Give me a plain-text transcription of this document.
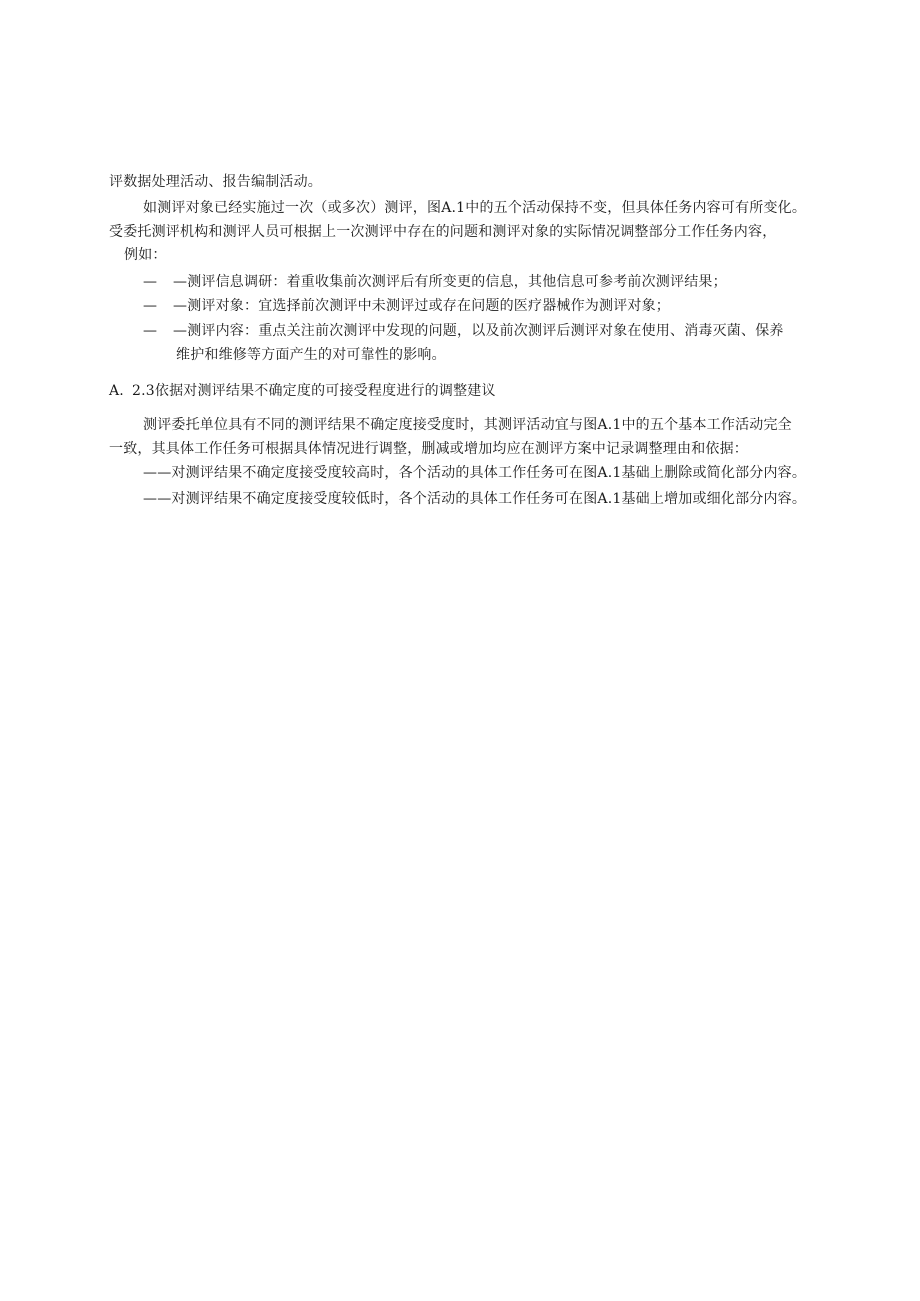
评数据处理活动、报告编制活动。
如测评对象已经实施过一次（或多次）测评，图A.1中的五个活动保持不变，但具体任务内容可有所变化。
受委托测评机构和测评人员可根据上一次测评中存在的问题和测评对象的实际情况调整部分工作任务内容，
例如：
— —测评信息调研：着重收集前次测评后有所变更的信息，其他信息可参考前次测评结果；
— —测评对象：宜选择前次测评中未测评过或存在问题的医疗器械作为测评对象；
— —测评内容：重点关注前次测评中发现的问题，以及前次测评后测评对象在使用、消毒灭菌、保养
维护和维修等方面产生的对可靠性的影响。
A. 2.3依据对测评结果不确定度的可接受程度进行的调整建议
测评委托单位具有不同的测评结果不确定度接受度时，其测评活动宜与图A.1中的五个基本工作活动完全
一致，其具体工作任务可根据具体情况进行调整，删减或增加均应在测评方案中记录调整理由和依据：
——对测评结果不确定度接受度较高时，各个活动的具体工作任务可在图A.1基础上删除或简化部分内容。
——对测评结果不确定度接受度较低时，各个活动的具体工作任务可在图A.1基础上增加或细化部分内容。
